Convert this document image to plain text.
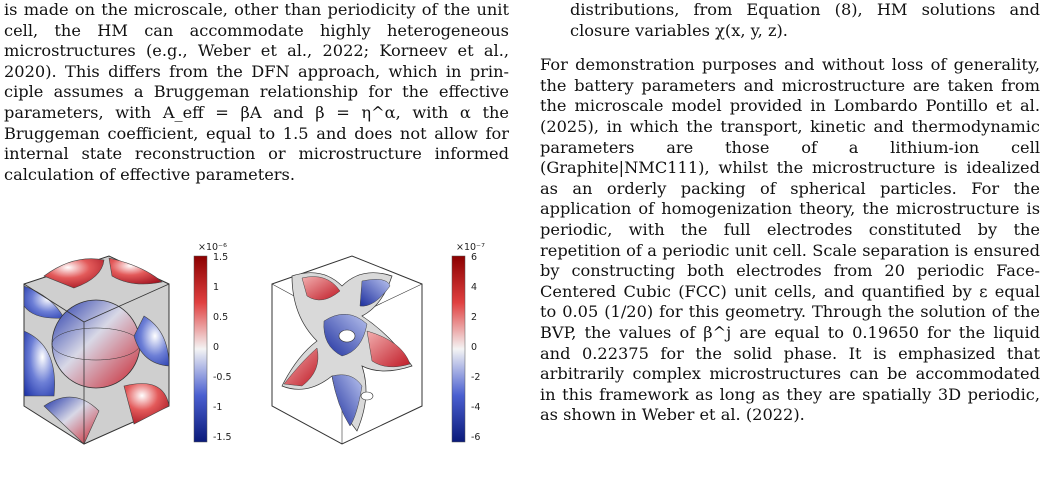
is made on the microscale, other than periodicity of the unit cell, the HM can accommodate highly heterogeneous microstructures (e.g., Weber et al., 2022; Korneev et al., 2020). This differs from the DFN approach, which in prin- ciple assumes a Bruggeman relationship for the effective parameters, with A_eff = βA and β = η^α, with α the Bruggeman coefficient, equal to 1.5 and does not allow for internal state reconstruction or microstructure informed calculation of effective parameters.

distributions, from Equation (8), HM solutions and closure variables χ(x, y, z).

For demonstration purposes and without loss of generality, the battery parameters and microstructure are taken from the microscale model provided in Lombardo Pontillo et al. (2025), in which the transport, kinetic and thermodynamic parameters are those of a lithium-ion cell (Graphite|NMC111), whilst the microstructure is idealized as an orderly packing of spherical particles. For the application of homogenization theory, the microstructure is periodic, with the full electrodes constituted by the repetition of a periodic unit cell. Scale separation is ensured by constructing both electrodes from 20 periodic Face-Centered Cubic (FCC) unit cells, and quantified by ε equal to 0.05 (1/20) for this geometry. Through the solution of the BVP, the values of β^j are equal to 0.19650 for the liquid and 0.22375 for the solid phase. It is emphasized that arbitrarily complex microstructures can be accommodated in this framework as long as they are spatially 3D periodic, as shown in Weber et al. (2022).

×10⁻⁶
1.5
1
0.5
0
-0.5
-1
-1.5
×10⁻⁷
6
4
2
0
-2
-4
-6
